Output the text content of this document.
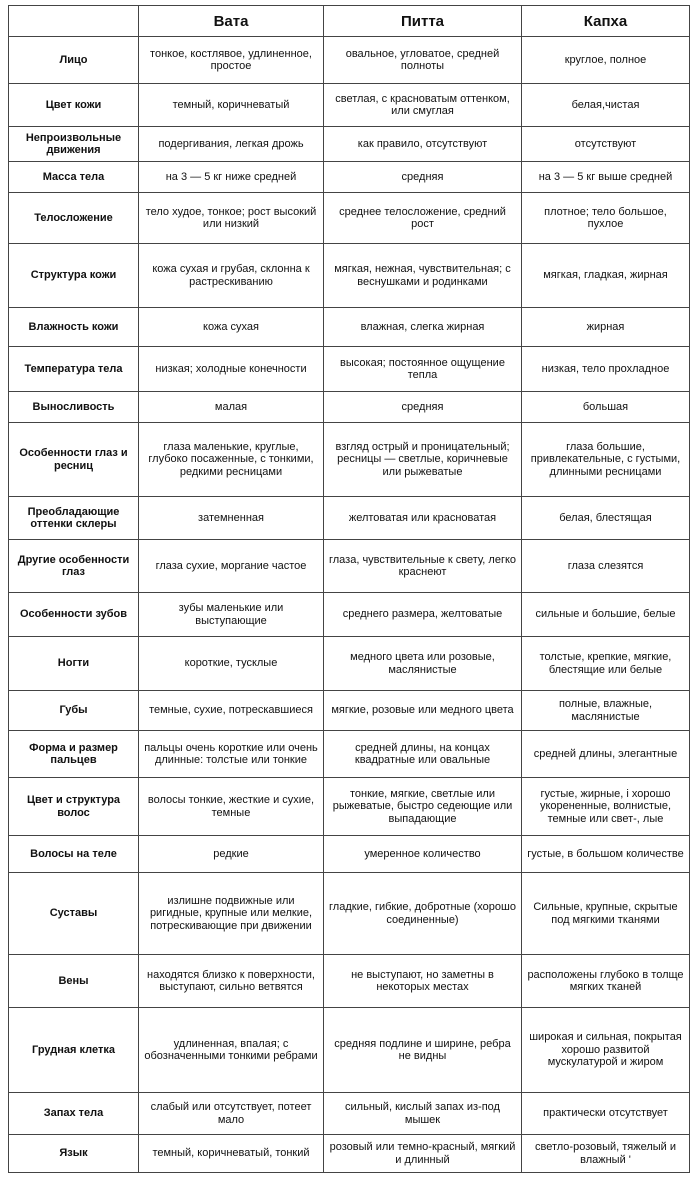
	Вата	Питта	Капха
Лицо	тонкое, костлявое, удлиненное, простое	овальное, угловатое, средней полноты	круглое, полное
Цвет кожи	темный, коричневатый	светлая, с красноватым оттенком, или смуглая	белая,чистая
Непроизвольные движения	подергивания, легкая дрожь	как правило, отсутствуют	отсутствуют
Масса тела	на 3 — 5 кг ниже средней	средняя	на 3 — 5 кг выше средней
Телосложение	тело худое, тонкое; рост высокий или низкий	среднее телосложение, средний рост	плотное; тело большое, пухлое
Структура кожи	кожа сухая и грубая, склонна к растрескиванию	мягкая, нежная, чувствительная; с веснушками и родинками	мягкая, гладкая, жирная
Влажность кожи	кожа сухая	влажная, слегка жирная	жирная
Температура тела	низкая; холодные конечности	высокая; постоянное ощущение тепла	низкая, тело прохладное
Выносливость	малая	средняя	большая
Особенности глаз и ресниц	глаза маленькие, круглые, глубоко посаженные, с тонкими, редкими ресницами	взгляд острый и проницательный; ресницы — светлые, коричневые или рыжеватые	глаза большие, привлекательные, с густыми, длинными ресницами
Преобладающие оттенки склеры	затемненная	желтоватая или красноватая	белая, блестящая
Другие особенности глаз	глаза сухие, моргание частое	глаза, чувствительные к свету, легко краснеют	глаза слезятся
Особенности зубов	зубы маленькие или выступающие	среднего размера, желтоватые	сильные и большие, белые
Ногти	короткие, тусклые	медного цвета или розовые, маслянистые	толстые, крепкие, мягкие, блестящие или белые
Губы	темные, сухие, потрескавшиеся	мягкие, розовые или медного цвета	полные, влажные, маслянистые
Форма и размер пальцев	пальцы очень короткие или очень длинные: толстые или тонкие	средней длины, на концах квадратные или овальные	средней длины, элегантные
Цвет и структура волос	волосы тонкие, жесткие и сухие, темные	тонкие, мягкие, светлые или рыжеватые, быстро седеющие или выпадающие	густые, жирные, i хорошо укорененные, волнистые, темные или свет-, лые
Волосы на теле	редкие	умеренное количество	густые, в большом количестве
Суставы	излишне подвижные или ригидные, крупные или мелкие, потрескивающие при движении	гладкие, гибкие, добротные (хорошо соединенные)	Сильные, крупные, скрытые под мягкими тканями
Вены	находятся близко к поверхности, выступают, сильно ветвятся	не выступают, но заметны в некоторых местах	расположены глубоко в толще мягких тканей
Грудная клетка	удлиненная, впалая; с обозначенными тонкими ребрами	средняя подлине и ширине, ребра не видны	широкая и сильная, покрытая хорошо развитой мускулатурой и жиром
Запах тела	слабый или отсутствует, потеет мало	сильный, кислый запах из-под мышек	практически отсутствует
Язык	темный, коричневатый, тонкий	розовый или темно-красный, мягкий и длинный	светло-розовый, тяжелый и влажный '
